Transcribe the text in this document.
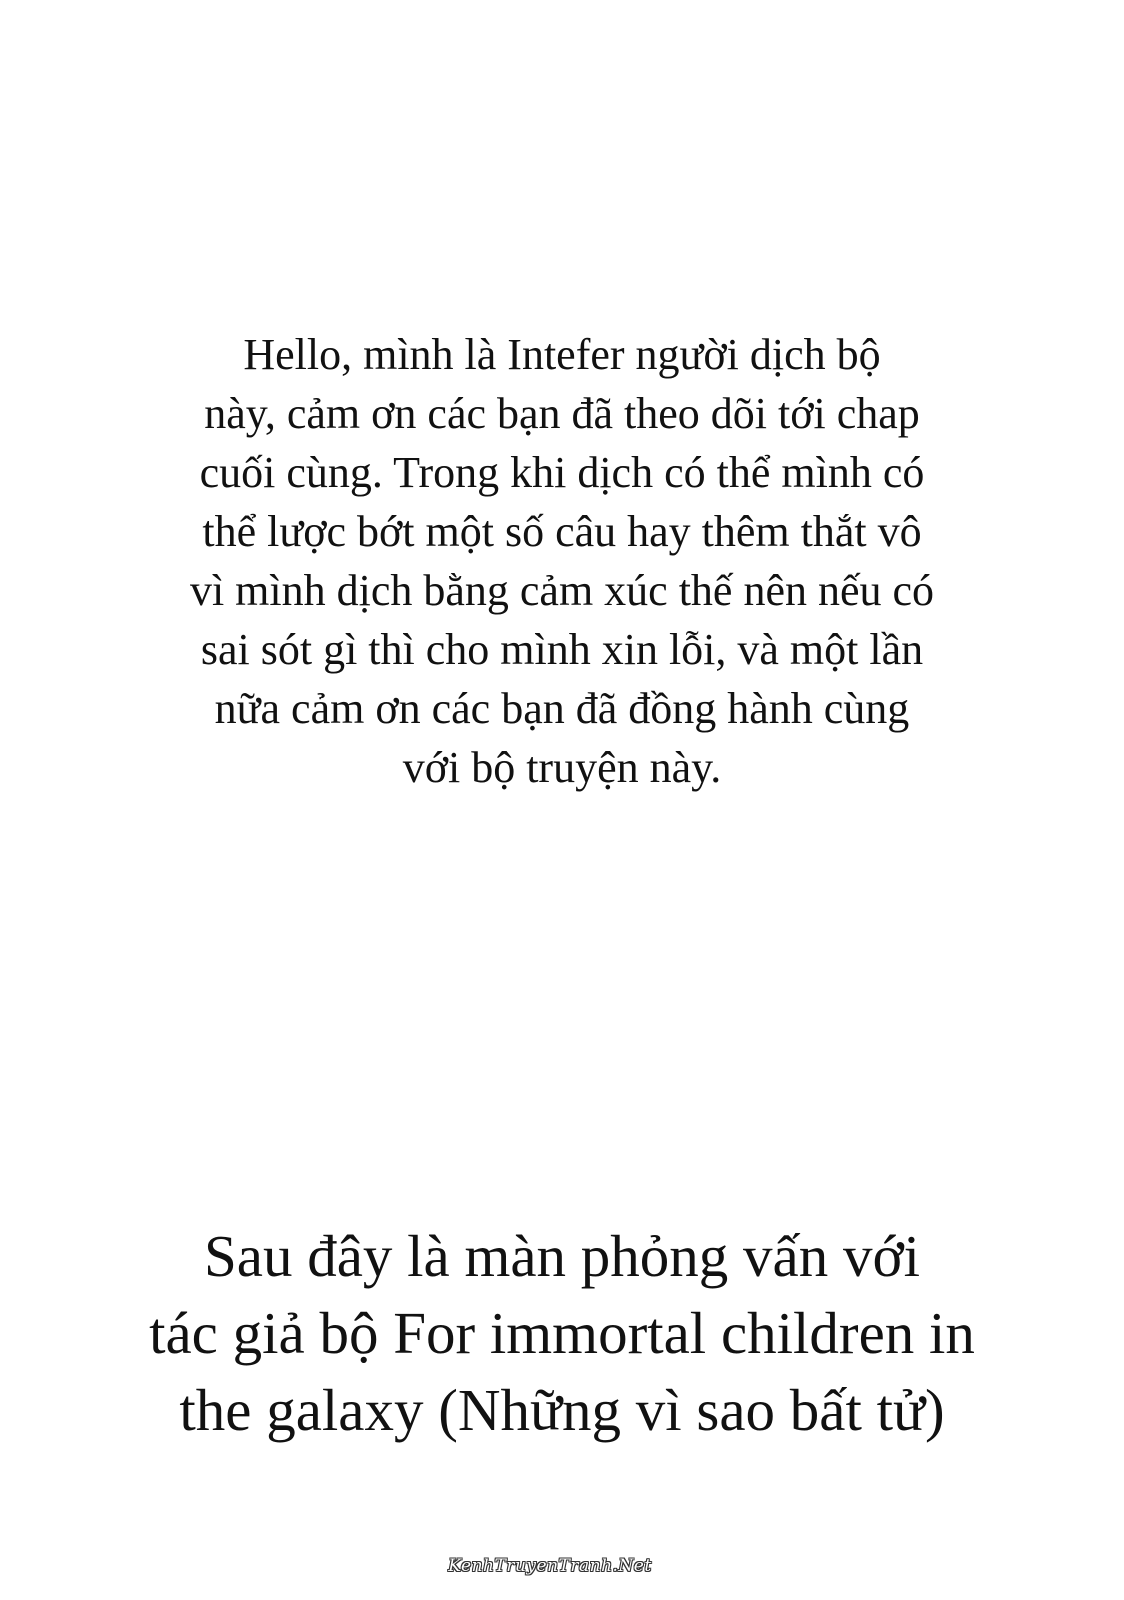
Hello, mình là Intefer người dịch bộ
này, cảm ơn các bạn đã theo dõi tới chap
cuối cùng. Trong khi dịch có thể mình có
thể lược bớt một số câu hay thêm thắt vô
vì mình dịch bằng cảm xúc thế nên nếu có
sai sót gì thì cho mình xin lỗi, và một lần
nữa cảm ơn các bạn đã đồng hành cùng
với bộ truyện này.
Sau đây là màn phỏng vấn với
tác giả bộ For immortal children in
the galaxy (Những vì sao bất tử)
KenhTruyenTranh.Net
